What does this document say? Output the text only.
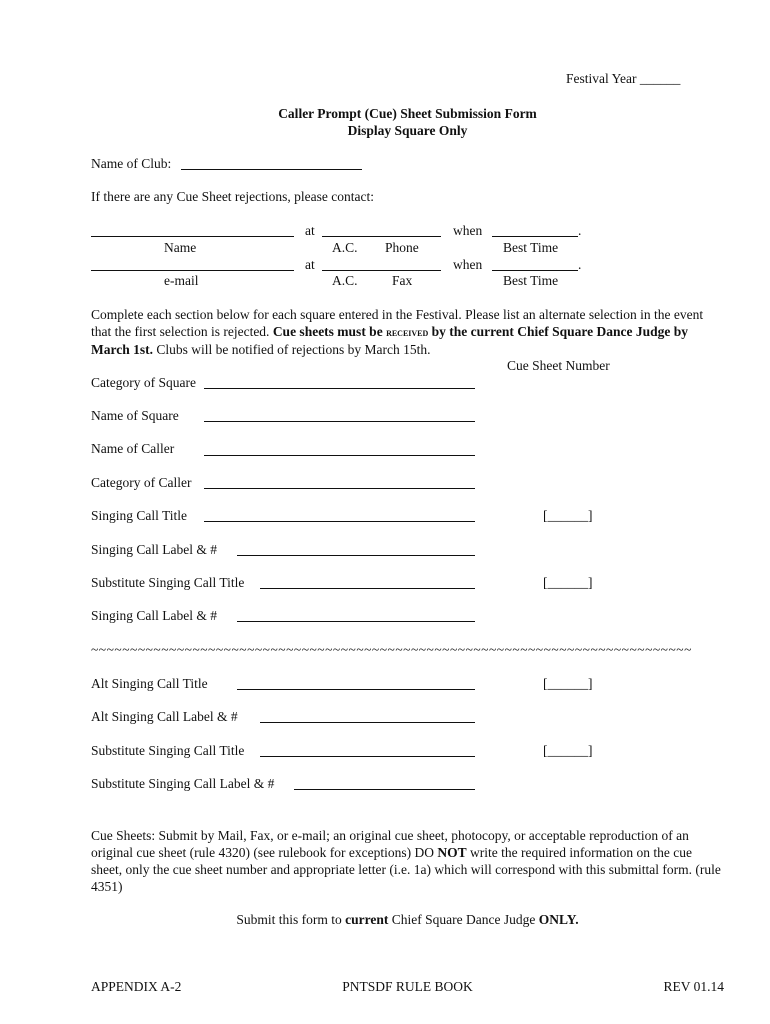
Festival Year ______
Caller Prompt (Cue) Sheet Submission Form
Display Square Only
Name of Club:
If there are any Cue Sheet rejections, please contact:
at	when	.
Name	A.C. Phone	Best Time
at	when	.
e-mail	A.C.	Fax	Best Time
Complete each section below for each square entered in the Festival. Please list an alternate selection in the event that the first selection is rejected. Cue sheets must be received by the current Chief Square Dance Judge by March 1st. Clubs will be notified of rejections by March 15th.
Cue Sheet Number
Category of Square
Name of Square
Name of Caller
Category of Caller
Singing Call Title	[______]
Singing Call Label & #
Substitute Singing Call Title	[______]
Singing Call Label & #
~~~~~~~~~~~~~~~~~~~~~~~~~~~~~~~~~~~~~~~~~~~~~~~~~~~~~~~~~~~~~~~~~~~~~~~~~~~~~
Alt Singing Call Title	[______]
Alt Singing Call Label & #
Substitute Singing Call Title	[______]
Substitute Singing Call Label & #
Cue Sheets: Submit by Mail, Fax, or e-mail; an original cue sheet, photocopy, or acceptable reproduction of an original cue sheet (rule 4320) (see rulebook for exceptions) DO NOT write the required information on the cue sheet, only the cue sheet number and appropriate letter (i.e. 1a) which will correspond with this submittal form. (rule 4351)
Submit this form to current Chief Square Dance Judge ONLY.
APPENDIX A-2	PNTSDF RULE BOOK	REV 01.14
